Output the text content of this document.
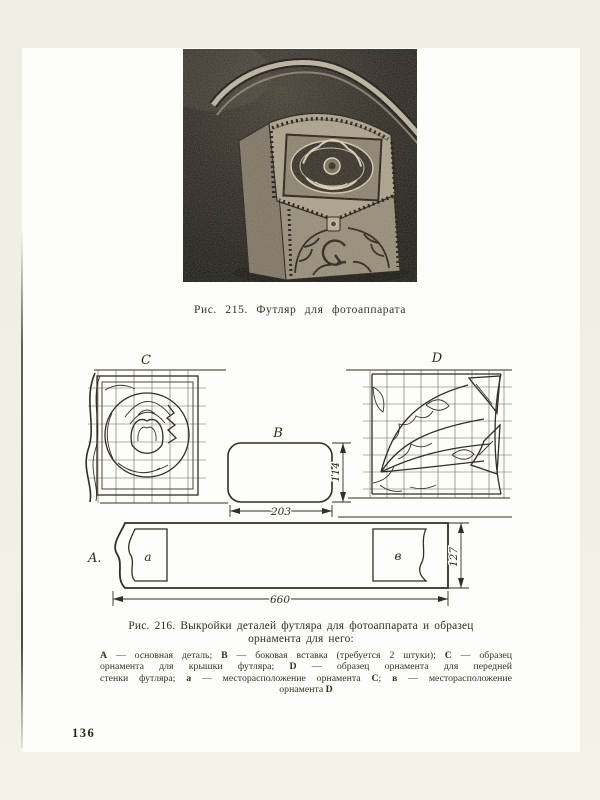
Рис. 215. Футляр для фотоаппарата
C
B
203
114
D
A.	a	в
660
127
Рис. 216. Выкройки деталей футляра для фотоаппарата и образец
орнамента для него:
А — основная деталь; В — боковая вставка (требуется 2 штуки); С — образец
орнамента для крышки футляра; D — образец орнамента для передней
стенки футляра; а — месторасположение орнамента С; в — месторасположение
орнамента D
136
